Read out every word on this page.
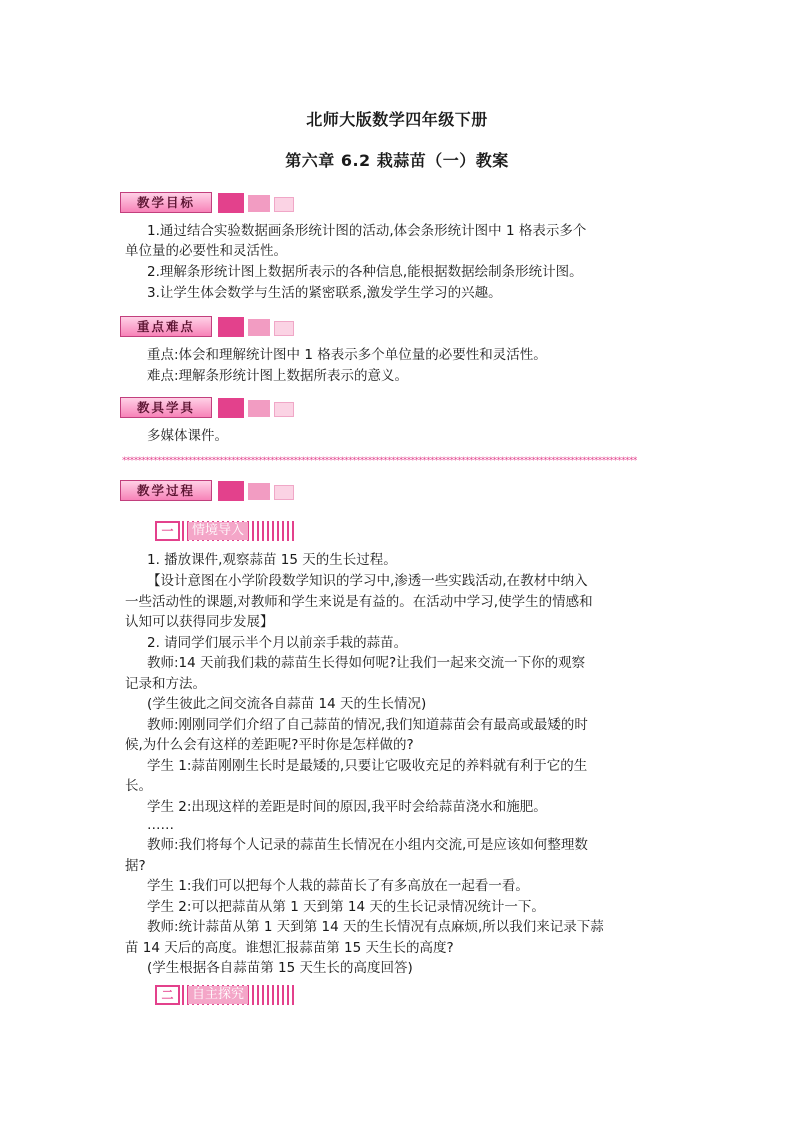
北师大版数学四年级下册
第六章 6.2 栽蒜苗（一）教案
教学目标
1.通过结合实验数据画条形统计图的活动,体会条形统计图中 1 格表示多个
单位量的必要性和灵活性。
2.理解条形统计图上数据所表示的各种信息,能根据数据绘制条形统计图。
3.让学生体会数学与生活的紧密联系,激发学生学习的兴趣。
重点难点
重点:体会和理解统计图中 1 格表示多个单位量的必要性和灵活性。
难点:理解条形统计图上数据所表示的意义。
教具学具
多媒体课件。
************************************************************************************************************************************
教学过程
一	情境导入
1. 播放课件,观察蒜苗 15 天的生长过程。
【设计意图在小学阶段数学知识的学习中,渗透一些实践活动,在教材中纳入
一些活动性的课题,对教师和学生来说是有益的。在活动中学习,使学生的情感和
认知可以获得同步发展】
2. 请同学们展示半个月以前亲手栽的蒜苗。
教师:14 天前我们栽的蒜苗生长得如何呢?让我们一起来交流一下你的观察
记录和方法。
(学生彼此之间交流各自蒜苗 14 天的生长情况)
教师:刚刚同学们介绍了自己蒜苗的情况,我们知道蒜苗会有最高或最矮的时
候,为什么会有这样的差距呢?平时你是怎样做的?
学生 1:蒜苗刚刚生长时是最矮的,只要让它吸收充足的养料就有利于它的生
长。
学生 2:出现这样的差距是时间的原因,我平时会给蒜苗浇水和施肥。
……
教师:我们将每个人记录的蒜苗生长情况在小组内交流,可是应该如何整理数
据?
学生 1:我们可以把每个人栽的蒜苗长了有多高放在一起看一看。
学生 2:可以把蒜苗从第 1 天到第 14 天的生长记录情况统计一下。
教师:统计蒜苗从第 1 天到第 14 天的生长情况有点麻烦,所以我们来记录下蒜
苗 14 天后的高度。谁想汇报蒜苗第 15 天生长的高度?
(学生根据各自蒜苗第 15 天生长的高度回答)
二	自主探究
